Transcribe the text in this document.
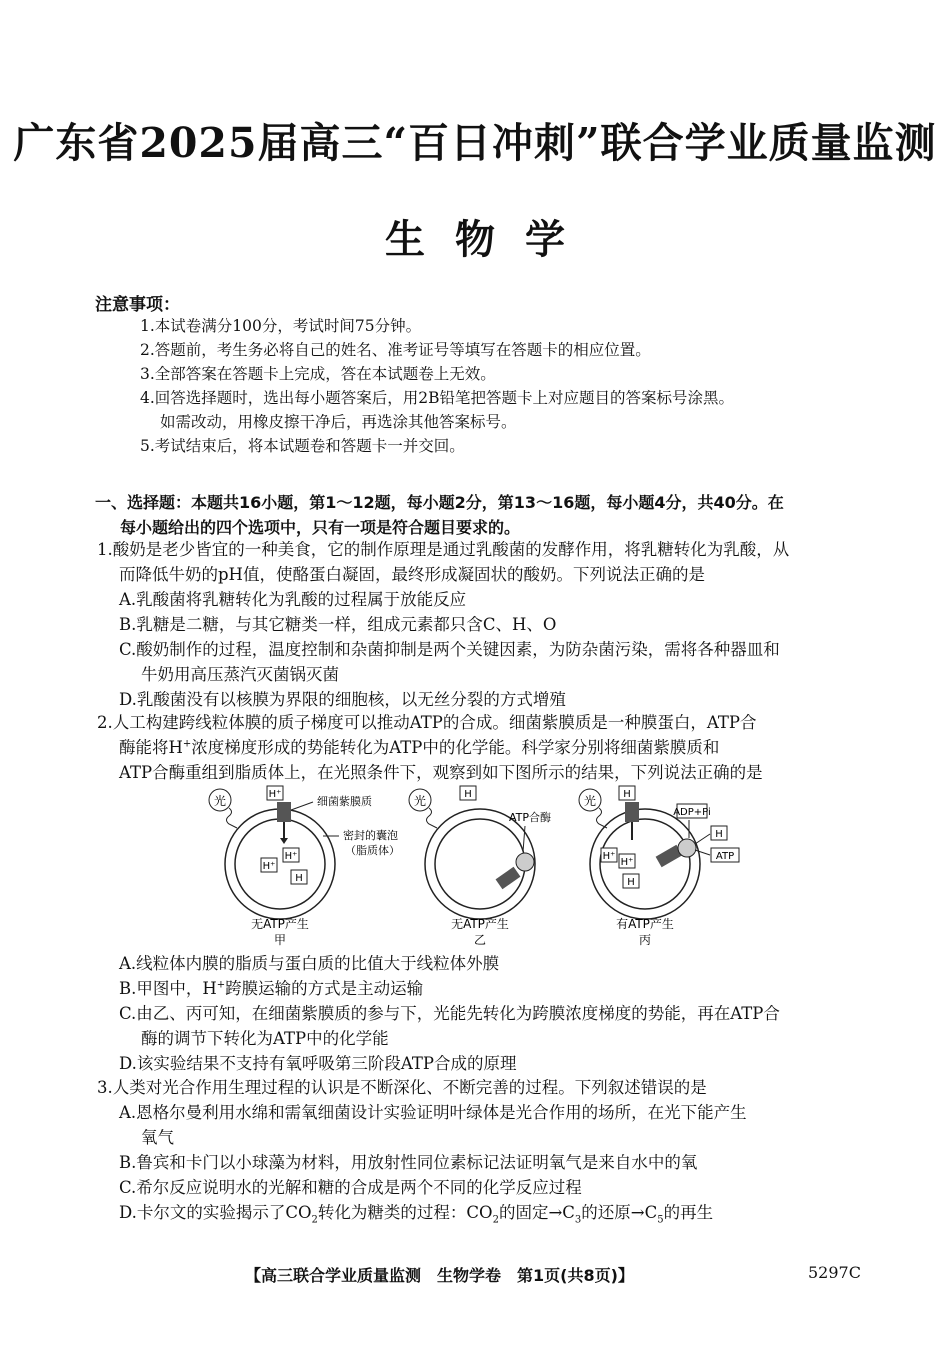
广东省2025届高三“百日冲刺”联合学业质量监测
生物学
注意事项：
1.本试卷满分100分，考试时间75分钟。
2.答题前，考生务必将自己的姓名、准考证号等填写在答题卡的相应位置。
3.全部答案在答题卡上完成，答在本试题卷上无效。
4.回答选择题时，选出每小题答案后，用2B铅笔把答题卡上对应题目的答案标号涂黑。
如需改动，用橡皮擦干净后，再选涂其他答案标号。
5.考试结束后，将本试题卷和答题卡一并交回。
一、选择题：本题共16小题，第1～12题，每小题2分，第13～16题，每小题4分，共40分。在
每小题给出的四个选项中，只有一项是符合题目要求的。
1.酸奶是老少皆宜的一种美食，它的制作原理是通过乳酸菌的发酵作用，将乳糖转化为乳酸，从
而降低牛奶的pH值，使酪蛋白凝固，最终形成凝固状的酸奶。下列说法正确的是
A.乳酸菌将乳糖转化为乳酸的过程属于放能反应
B.乳糖是二糖，与其它糖类一样，组成元素都只含C、H、O
C.酸奶制作的过程，温度控制和杂菌抑制是两个关键因素，为防杂菌污染，需将各种器皿和
牛奶用高压蒸汽灭菌锅灭菌
D.乳酸菌没有以核膜为界限的细胞核，以无丝分裂的方式增殖
2.人工构建跨线粒体膜的质子梯度可以推动ATP的合成。细菌紫膜质是一种膜蛋白，ATP合
酶能将H+浓度梯度形成的势能转化为ATP中的化学能。科学家分别将细菌紫膜质和
ATP合酶重组到脂质体上，在光照条件下，观察到如下图所示的结果，下列说法正确的是
光	H⁺
细菌紫膜质
密封的囊泡
（脂质体）
H⁺
H⁺
H
无ATP产生
甲
光	H
ATP合酶
无ATP产生
乙
光	H
H⁺
H⁺
H
ADP+Pi
H
ATP
有ATP产生
丙
A.线粒体内膜的脂质与蛋白质的比值大于线粒体外膜
B.甲图中，H+跨膜运输的方式是主动运输
C.由乙、丙可知，在细菌紫膜质的参与下，光能先转化为跨膜浓度梯度的势能，再在ATP合
酶的调节下转化为ATP中的化学能
D.该实验结果不支持有氧呼吸第三阶段ATP合成的原理
3.人类对光合作用生理过程的认识是不断深化、不断完善的过程。下列叙述错误的是
A.恩格尔曼利用水绵和需氧细菌设计实验证明叶绿体是光合作用的场所，在光下能产生
氧气
B.鲁宾和卡门以小球藻为材料，用放射性同位素标记法证明氧气是来自水中的氧
C.希尔反应说明水的光解和糖的合成是两个不同的化学反应过程
D.卡尔文的实验揭示了$CO_2$转化为糖类的过程：$CO_2$的固定$\to C_3$的还原$\to C_5$的再生
【高三联合学业质量监测　生物学卷　第1页(共8页)】	5297C
